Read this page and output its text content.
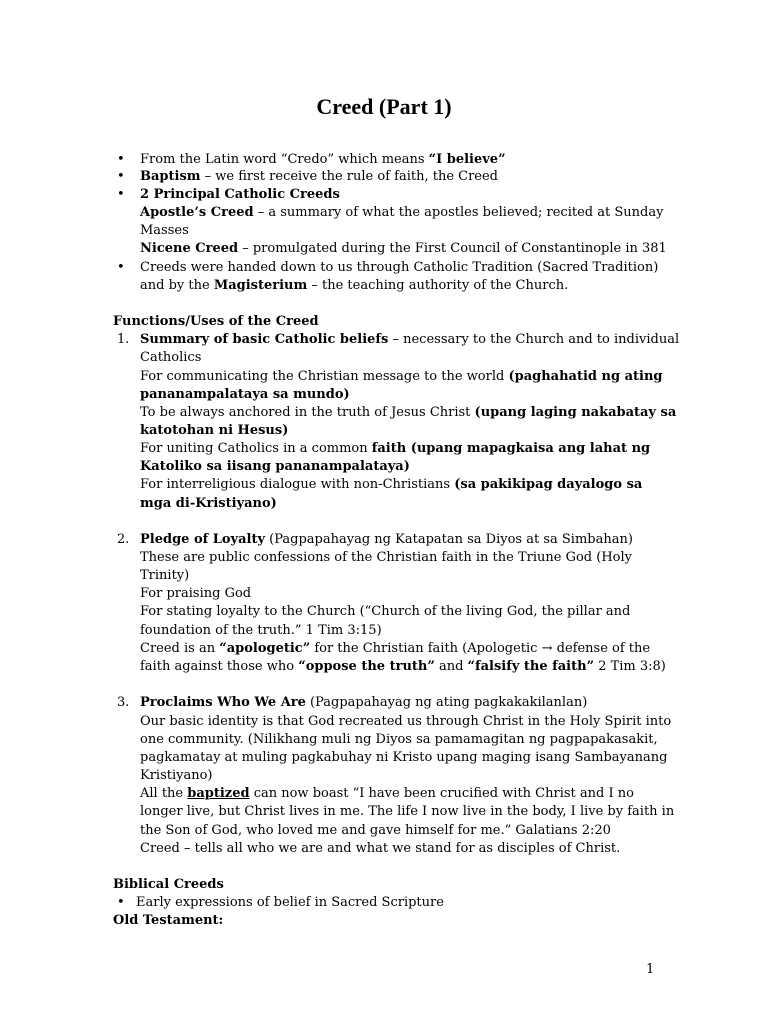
Creed (Part 1)
• From the Latin word “Credo” which means “I believe”
• Baptism – we first receive the rule of faith, the Creed
• 2 Principal Catholic Creeds
Apostle’s Creed – a summary of what the apostles believed; recited at Sunday
Masses
Nicene Creed – promulgated during the First Council of Constantinople in 381
• Creeds were handed down to us through Catholic Tradition (Sacred Tradition)
and by the Magisterium – the teaching authority of the Church.
Functions/Uses of the Creed
1. Summary of basic Catholic beliefs – necessary to the Church and to individual
Catholics
For communicating the Christian message to the world (paghahatid ng ating
pananampalataya sa mundo)
To be always anchored in the truth of Jesus Christ (upang laging nakabatay sa
katotohan ni Hesus)
For uniting Catholics in a common faith (upang mapagkaisa ang lahat ng
Katoliko sa iisang pananampalataya)
For interreligious dialogue with non-Christians (sa pakikipag dayalogo sa
mga di-Kristiyano)
2. Pledge of Loyalty (Pagpapahayag ng Katapatan sa Diyos at sa Simbahan)
These are public confessions of the Christian faith in the Triune God (Holy
Trinity)
For praising God
For stating loyalty to the Church (“Church of the living God, the pillar and
foundation of the truth.” 1 Tim 3:15)
Creed is an “apologetic” for the Christian faith (Apologetic → defense of the
faith against those who “oppose the truth” and “falsify the faith” 2 Tim 3:8)
3. Proclaims Who We Are (Pagpapahayag ng ating pagkakakilanlan)
Our basic identity is that God recreated us through Christ in the Holy Spirit into
one community. (Nilikhang muli ng Diyos sa pamamagitan ng pagpapakasakit,
pagkamatay at muling pagkabuhay ni Kristo upang maging isang Sambayanang
Kristiyano)
All the baptized can now boast “I have been crucified with Christ and I no
longer live, but Christ lives in me. The life I now live in the body, I live by faith in
the Son of God, who loved me and gave himself for me.” Galatians 2:20
Creed – tells all who we are and what we stand for as disciples of Christ.
Biblical Creeds
• Early expressions of belief in Sacred Scripture
Old Testament:
1
